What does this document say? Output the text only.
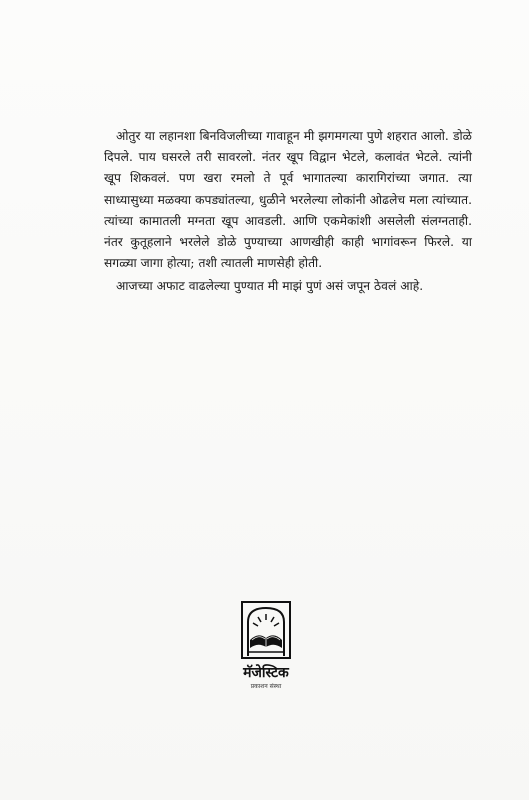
ओतुर या लहानशा बिनविजलीच्या गावाहून मी झगमगत्या पुणे शहरात आलो. डोळे दिपले. पाय घसरले तरी सावरलो. नंतर खूप विद्वान भेटले, कलावंत भेटले. त्यांनी खूप शिकवलं. पण खरा रमलो ते पूर्व भागातल्या कारागिरांच्या जगात. त्या साध्यासुध्या मळक्या कपड्यांतल्या, धुळीने भरलेल्या लोकांनी ओढलेच मला त्यांच्यात. त्यांच्या कामातली मग्नता खूप आवडली. आणि एकमेकांशी असलेली संलग्नताही. नंतर कुतूहलाने भरलेले डोळे पुण्याच्या आणखीही काही भागांवरून फिरले. या सगळ्या जागा होत्या; तशी त्यातली माणसेही होती.

आजच्या अफाट वाढलेल्या पुण्यात मी माझं पुणं असं जपून ठेवलं आहे.

मॅजेस्टिक
प्रकाशन संस्था
